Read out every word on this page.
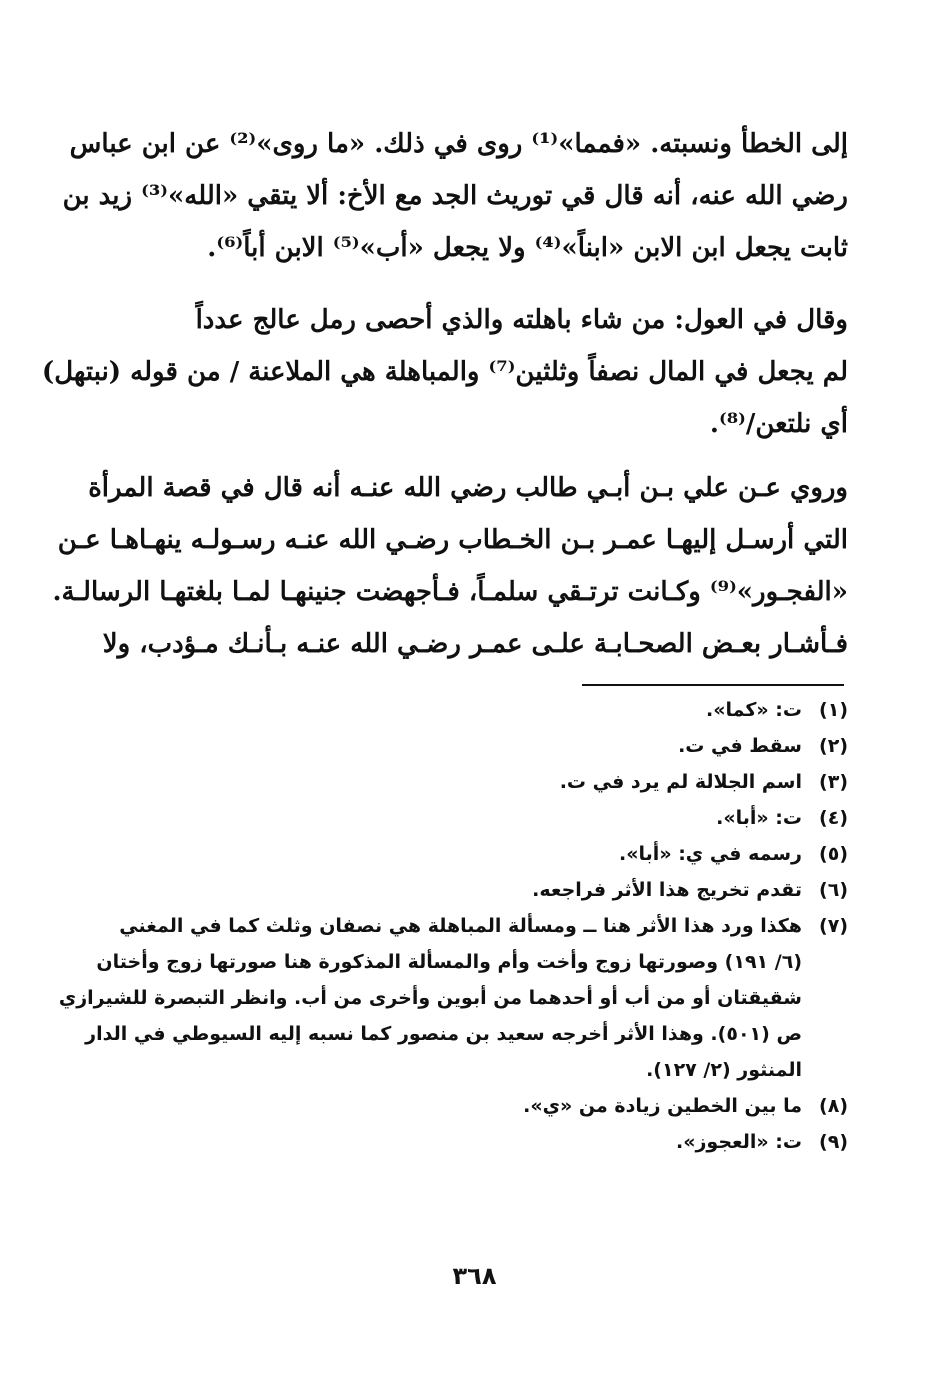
إلى الخطأ ونسبته. «فمما»⁽¹⁾ روى في ذلك. «ما روى»⁽²⁾ عن ابن عباس
رضي الله عنه، أنه قال قي توريث الجد مع الأخ: ألا يتقي «الله»⁽³⁾ زيد بن
ثابت يجعل ابن الابن «ابناً»⁽⁴⁾ ولا يجعل «أب»⁽⁵⁾ الابن أباً⁽⁶⁾.
وقال في العول: من شاء باهلته والذي أحصى رمل عالج عدداً
لم يجعل في المال نصفاً وثلثين⁽⁷⁾ والمباهلة هي الملاعنة / من قوله (نبتهل)
أي نلتعن/⁽⁸⁾.
وروي عـن علي بـن أبـي طالب رضي الله عنـه أنه قال في قصة المرأة
التي أرسـل إليهـا عمـر بـن الخـطاب رضـي الله عنـه رسـولـه ينهـاهـا عـن
«الفجـور»⁽⁹⁾ وكـانت ترتـقي سلمـاً، فـأجهضت جنينهـا لمـا بلغتهـا الرسالـة.
فـأشـار بعـض الصحـابـة علـى عمـر رضـي الله عنـه بـأنـك مـؤدب، ولا
(١)
ت: «كما».
(٢)
سقط في ت.
(٣)
اسم الجلالة لم يرد في ت.
(٤)
ت: «أبا».
(٥)
رسمه في ي: «أبا».
(٦)
تقدم تخريج هذا الأثر فراجعه.
(٧)
هكذا ورد هذا الأثر هنا ــ ومسألة المباهلة هي نصفان وثلث كما في المغني
(٦/ ١٩١) وصورتها زوج وأخت وأم والمسألة المذكورة هنا صورتها زوج وأختان
شقيقتان أو من أب أو أحدهما من أبوين وأخرى من أب. وانظر التبصرة للشيرازي
ص (٥٠١). وهذا الأثر أخرجه سعيد بن منصور كما نسبه إليه السيوطي في الدار
المنثور (٢/ ١٢٧).
(٨)
ما بين الخطين زيادة من «ي».
(٩)
ت: «العجوز».
٣٦٨
